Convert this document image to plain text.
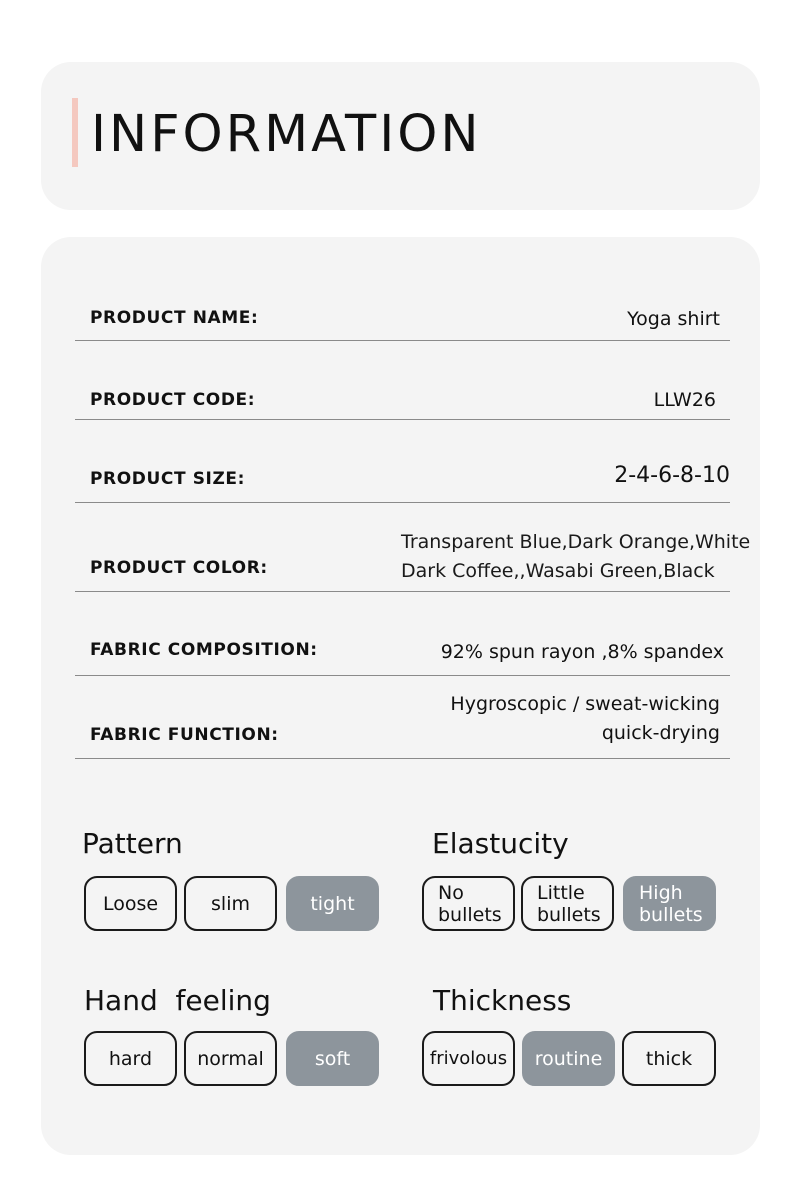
INFORMATION
PRODUCT NAME:	Yoga shirt
PRODUCT CODE:	LLW26
PRODUCT SIZE:	2-4-6-8-10
PRODUCT COLOR:
Transparent Blue,Dark Orange,White
Dark Coffee,,Wasabi Green,Black
FABRIC COMPOSITION:	92% spun rayon ,8% spandex
FABRIC FUNCTION:
Hygroscopic / sweat-wicking
quick-drying
Pattern
Loose	slim	tight
Elastucity
No
bullets
Little
bullets
High
bullets
Hand  feeling
hard	normal	soft
Thickness
frivolous	routine	thick
